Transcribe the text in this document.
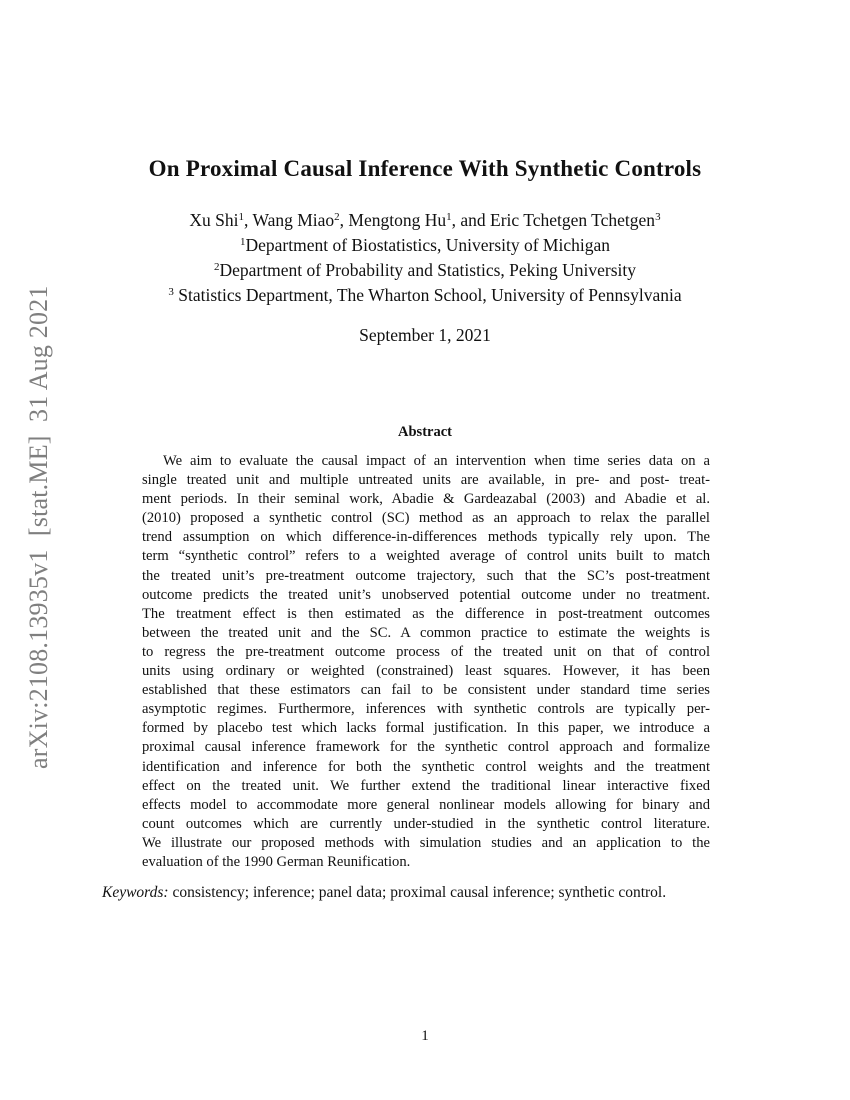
arXiv:2108.13935v1  [stat.ME]  31 Aug 2021
On Proximal Causal Inference With Synthetic Controls
Xu Shi$^1$, Wang Miao$^2$, Mengtong Hu$^1$, and Eric Tchetgen Tchetgen$^3$
$^1$Department of Biostatistics, University of Michigan
$^2$Department of Probability and Statistics, Peking University
$^3$ Statistics Department, The Wharton School, University of Pennsylvania
September 1, 2021
Abstract
We aim to evaluate the causal impact of an intervention when time series data on a
single treated unit and multiple untreated units are available, in pre- and post- treat-
ment periods. In their seminal work, Abadie & Gardeazabal (2003) and Abadie et al.
(2010) proposed a synthetic control (SC) method as an approach to relax the parallel
trend assumption on which difference-in-differences methods typically rely upon. The
term “synthetic control” refers to a weighted average of control units built to match
the treated unit’s pre-treatment outcome trajectory, such that the SC’s post-treatment
outcome predicts the treated unit’s unobserved potential outcome under no treatment.
The treatment effect is then estimated as the difference in post-treatment outcomes
between the treated unit and the SC. A common practice to estimate the weights is
to regress the pre-treatment outcome process of the treated unit on that of control
units using ordinary or weighted (constrained) least squares. However, it has been
established that these estimators can fail to be consistent under standard time series
asymptotic regimes. Furthermore, inferences with synthetic controls are typically per-
formed by placebo test which lacks formal justification. In this paper, we introduce a
proximal causal inference framework for the synthetic control approach and formalize
identification and inference for both the synthetic control weights and the treatment
effect on the treated unit. We further extend the traditional linear interactive fixed
effects model to accommodate more general nonlinear models allowing for binary and
count outcomes which are currently under-studied in the synthetic control literature.
We illustrate our proposed methods with simulation studies and an application to the
evaluation of the 1990 German Reunification.
Keywords: consistency; inference; panel data; proximal causal inference; synthetic control.
1
